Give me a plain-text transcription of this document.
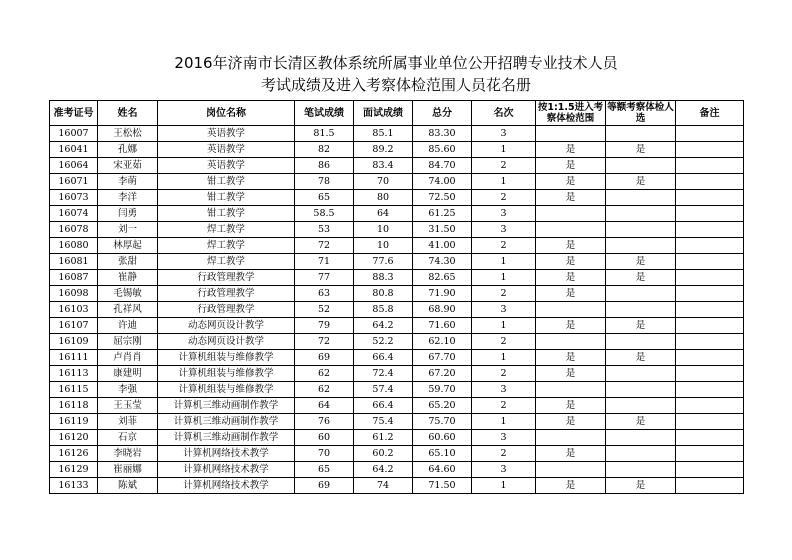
2016年济南市长清区教体系统所属事业单位公开招聘专业技术人员
考试成绩及进入考察体检范围人员花名册
准考证号	姓名	岗位名称	笔试成绩	面试成绩	总分	名次	按1:1.5进入考察体检范围	等额考察体检人选	备注
16007	王松松	英语教学	81.5	85.1	83.30	3			
16041	孔娜	英语教学	82	89.2	85.60	1	是	是	
16064	宋亚茹	英语教学	86	83.4	84.70	2	是		
16071	李萌	钳工教学	78	70	74.00	1	是	是	
16073	李洋	钳工教学	65	80	72.50	2	是		
16074	闫勇	钳工教学	58.5	64	61.25	3			
16078	刘一	焊工教学	53	10	31.50	3			
16080	林厚起	焊工教学	72	10	41.00	2	是		
16081	张甜	焊工教学	71	77.6	74.30	1	是	是	
16087	崔静	行政管理教学	77	88.3	82.65	1	是	是	
16098	毛锡敏	行政管理教学	63	80.8	71.90	2	是		
16103	孔祥风	行政管理教学	52	85.8	68.90	3			
16107	许迪	动态网页设计教学	79	64.2	71.60	1	是	是	
16109	屈宗刚	动态网页设计教学	72	52.2	62.10	2			
16111	卢肖肖	计算机组装与维修教学	69	66.4	67.70	1	是	是	
16113	康建明	计算机组装与维修教学	62	72.4	67.20	2	是		
16115	李强	计算机组装与维修教学	62	57.4	59.70	3			
16118	王玉莹	计算机三维动画制作教学	64	66.4	65.20	2	是		
16119	刘菲	计算机三维动画制作教学	76	75.4	75.70	1	是	是	
16120	石京	计算机三维动画制作教学	60	61.2	60.60	3			
16126	李晓岩	计算机网络技术教学	70	60.2	65.10	2	是		
16129	崔丽娜	计算机网络技术教学	65	64.2	64.60	3			
16133	陈斌	计算机网络技术教学	69	74	71.50	1	是	是	
